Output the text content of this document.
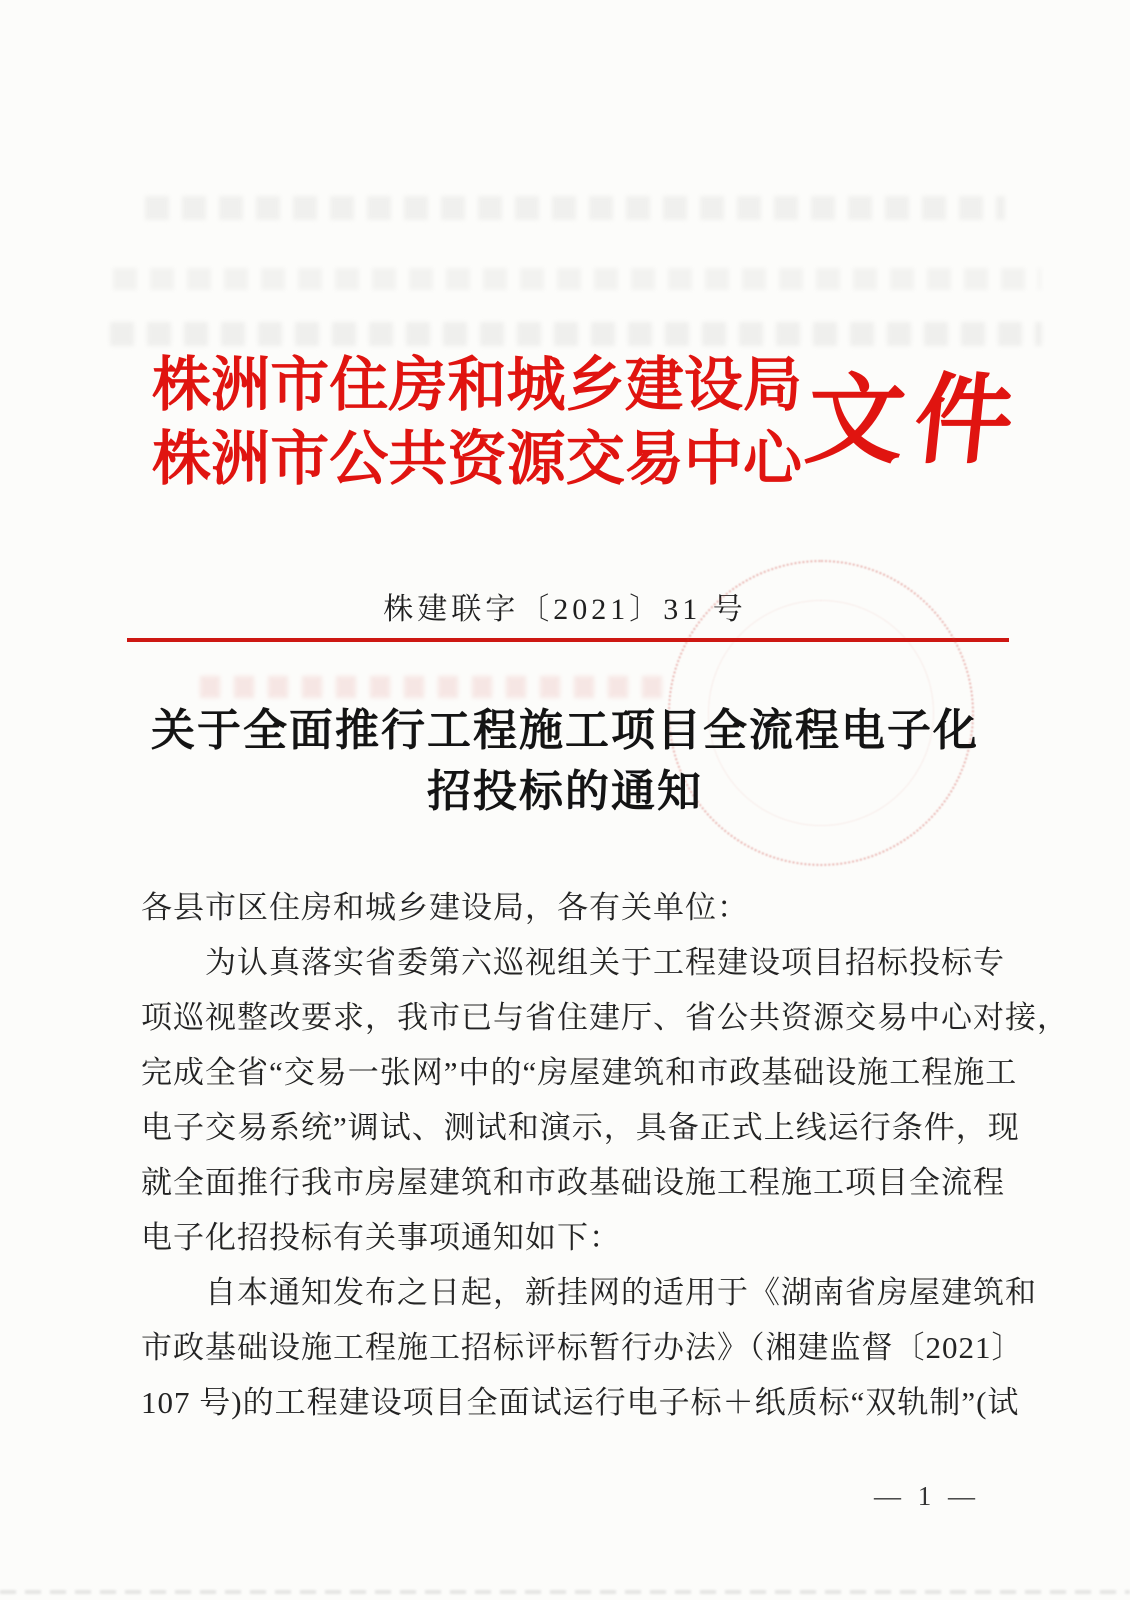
株洲市住房和城乡建设局
株洲市公共资源交易中心
文件
株建联字〔2021〕31 号
关于全面推行工程施工项目全流程电子化
招投标的通知
各县市区住房和城乡建设局，各有关单位：
为认真落实省委第六巡视组关于工程建设项目招标投标专
项巡视整改要求，我市已与省住建厅、省公共资源交易中心对接，
完成全省“交易一张网”中的“房屋建筑和市政基础设施工程施工
电子交易系统”调试、测试和演示，具备正式上线运行条件，现
就全面推行我市房屋建筑和市政基础设施工程施工项目全流程
电子化招投标有关事项通知如下：
自本通知发布之日起，新挂网的适用于《湖南省房屋建筑和
市政基础设施工程施工招标评标暂行办法》（湘建监督〔2021〕
107 号)的工程建设项目全面试运行电子标＋纸质标“双轨制”(试
— 1 —
